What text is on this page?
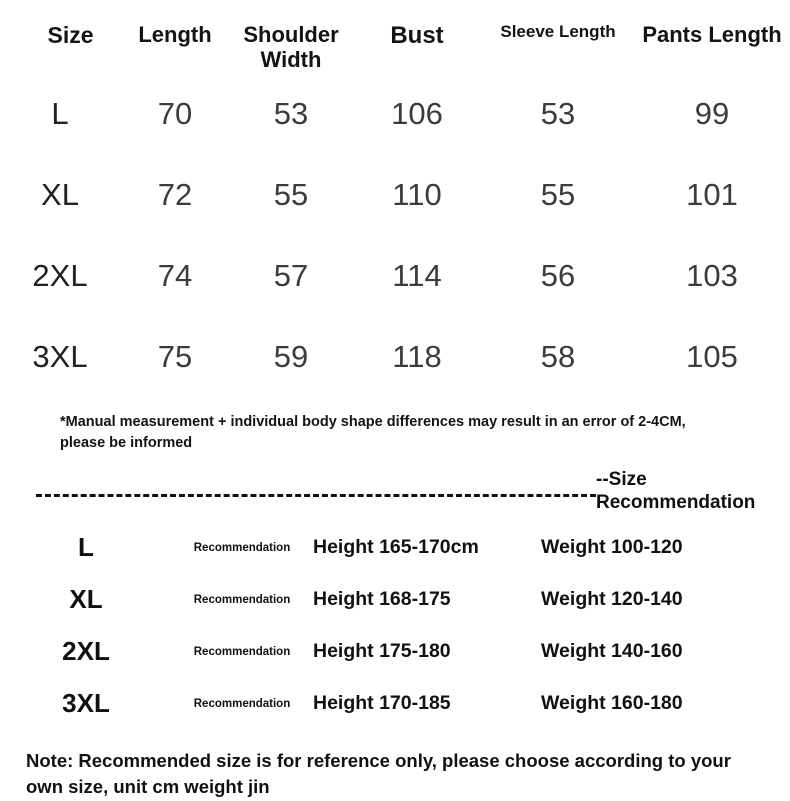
Size	Length	Shoulder Width	Bust	Sleeve Length	Pants Length
L	70	53	106	53	99
XL	72	55	110	55	101
2XL	74	57	114	56	103
3XL	75	59	118	58	105
*Manual measurement + individual body shape differences may result in an error of 2-4CM, please be informed
--Size Recommendation
L	Recommendation	Height 165-170cm	Weight 100-120
XL	Recommendation	Height 168-175	Weight 120-140
2XL	Recommendation	Height 175-180	Weight 140-160
3XL	Recommendation	Height 170-185	Weight 160-180
Note: Recommended size is for reference only, please choose according to your own size, unit cm weight jin
